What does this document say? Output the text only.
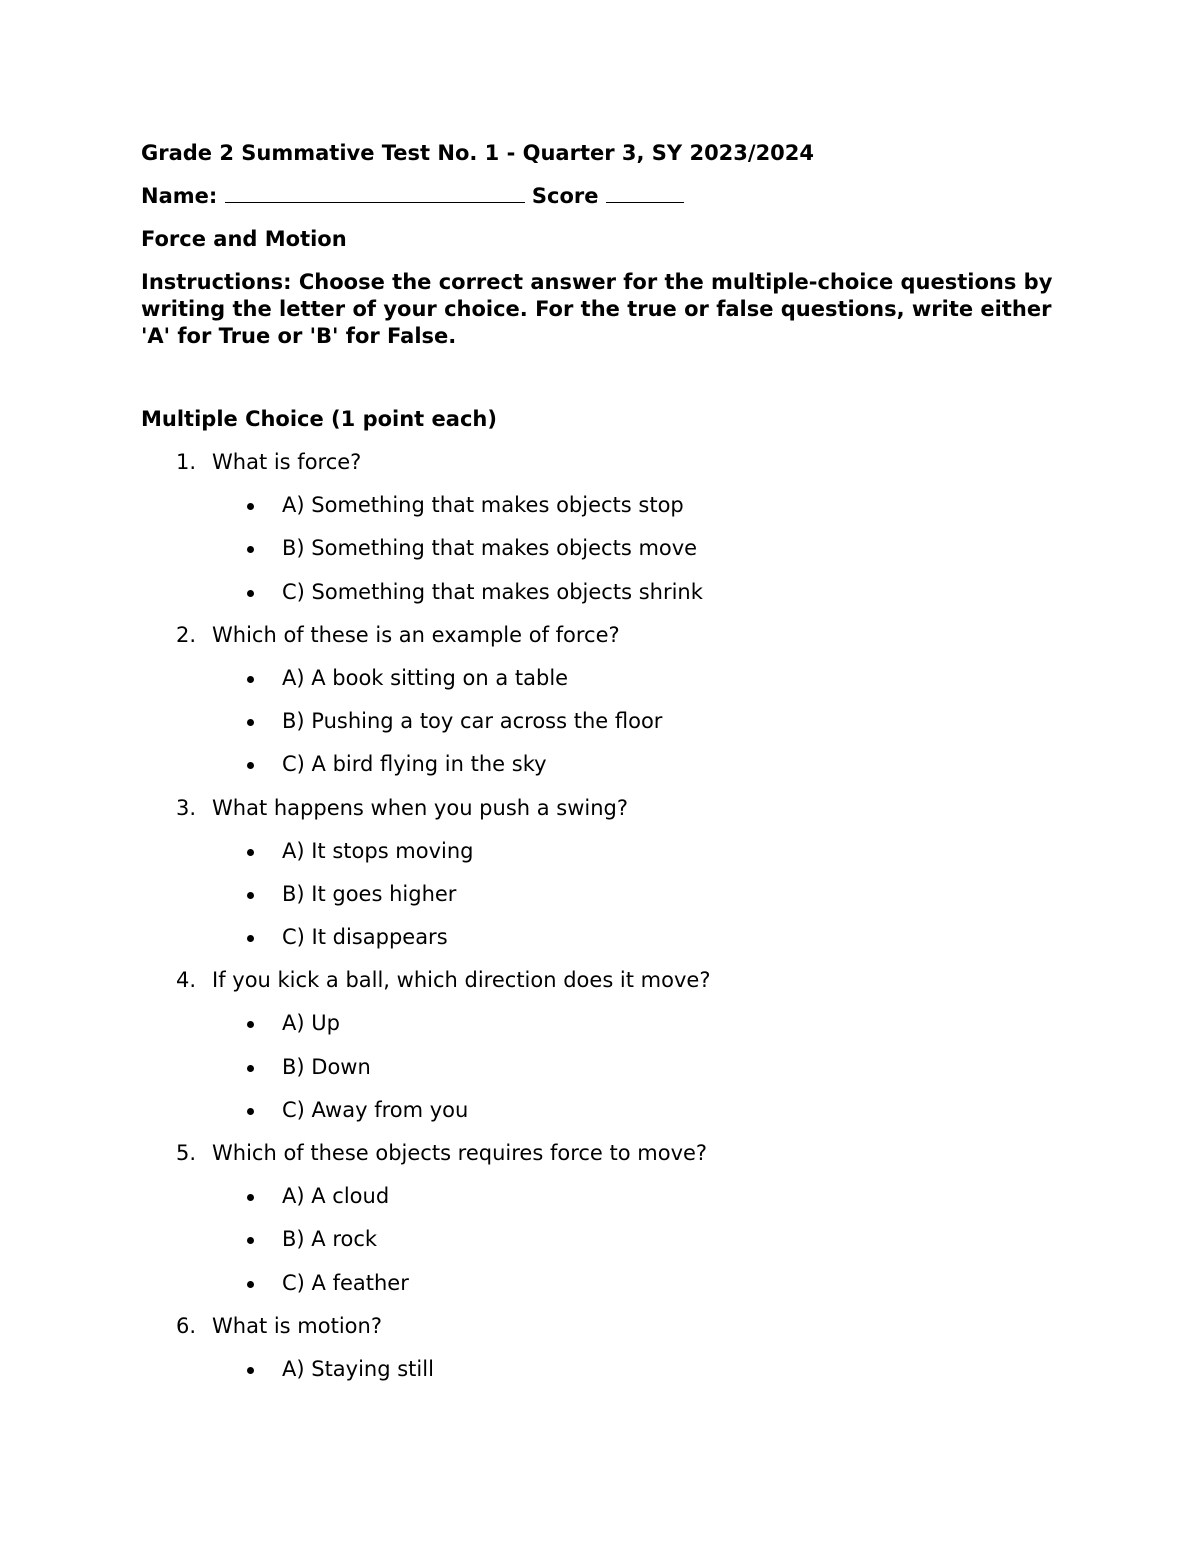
Grade 2 Summative Test No. 1 - Quarter 3, SY 2023/2024
Name:	Score
Force and Motion
Instructions: Choose the correct answer for the multiple-choice questions by writing the letter of your choice. For the true or false questions, write either 'A' for True or 'B' for False.
Multiple Choice (1 point each)
1. What is force?
A) Something that makes objects stop
B) Something that makes objects move
C) Something that makes objects shrink
2. Which of these is an example of force?
A) A book sitting on a table
B) Pushing a toy car across the floor
C) A bird flying in the sky
3. What happens when you push a swing?
A) It stops moving
B) It goes higher
C) It disappears
4. If you kick a ball, which direction does it move?
A) Up
B) Down
C) Away from you
5. Which of these objects requires force to move?
A) A cloud
B) A rock
C) A feather
6. What is motion?
A) Staying still
